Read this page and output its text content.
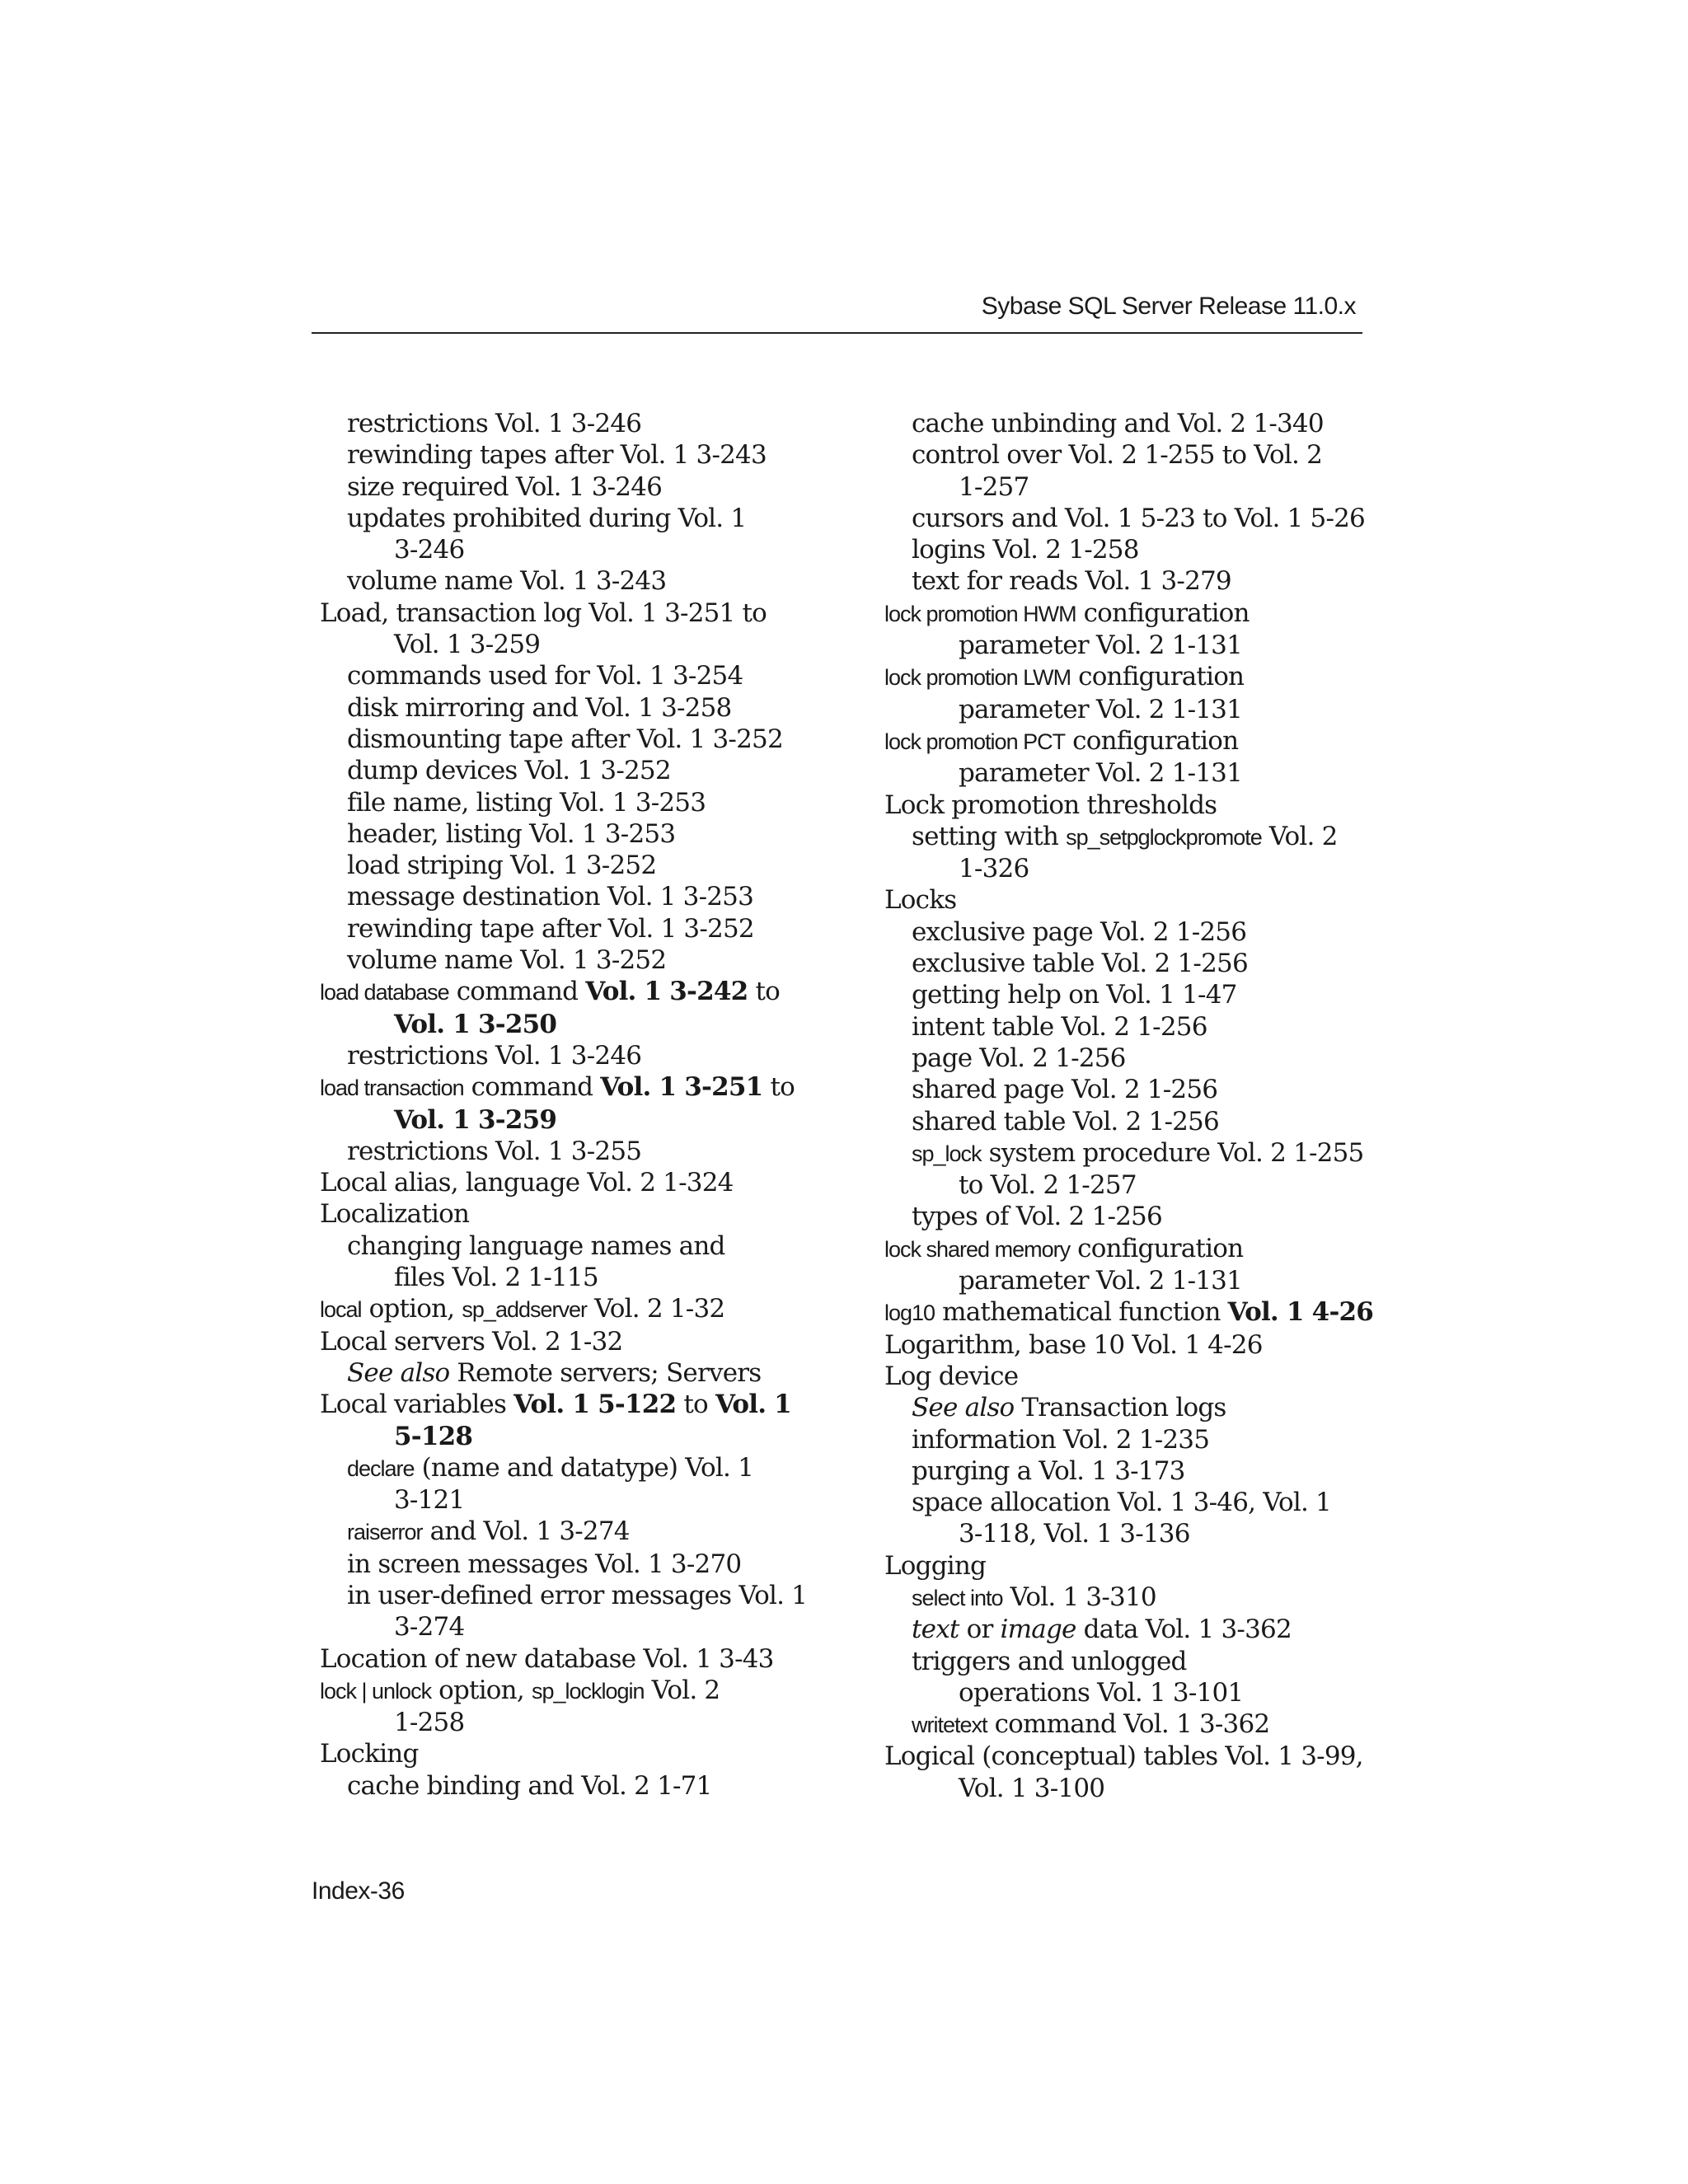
Sybase SQL Server Release 11.0.x
restrictions Vol. 1 3-246
rewinding tapes after Vol. 1 3-243
size required Vol. 1 3-246
updates prohibited during Vol. 1
3-246
volume name Vol. 1 3-243
Load, transaction log Vol. 1 3-251 to
Vol. 1 3-259
commands used for Vol. 1 3-254
disk mirroring and Vol. 1 3-258
dismounting tape after Vol. 1 3-252
dump devices Vol. 1 3-252
file name, listing Vol. 1 3-253
header, listing Vol. 1 3-253
load striping Vol. 1 3-252
message destination Vol. 1 3-253
rewinding tape after Vol. 1 3-252
volume name Vol. 1 3-252
load database command Vol. 1 3-242 to
Vol. 1 3-250
restrictions Vol. 1 3-246
load transaction command Vol. 1 3-251 to
Vol. 1 3-259
restrictions Vol. 1 3-255
Local alias, language Vol. 2 1-324
Localization
changing language names and
files Vol. 2 1-115
local option, sp_addserver Vol. 2 1-32
Local servers Vol. 2 1-32
See also Remote servers; Servers
Local variables Vol. 1 5-122 to Vol. 1
5-128
declare (name and datatype) Vol. 1
3-121
raiserror and Vol. 1 3-274
in screen messages Vol. 1 3-270
in user-defined error messages Vol. 1
3-274
Location of new database Vol. 1 3-43
lock | unlock option, sp_locklogin Vol. 2
1-258
Locking
cache binding and Vol. 2 1-71
cache unbinding and Vol. 2 1-340
control over Vol. 2 1-255 to Vol. 2
1-257
cursors and Vol. 1 5-23 to Vol. 1 5-26
logins Vol. 2 1-258
text for reads Vol. 1 3-279
lock promotion HWM configuration
parameter Vol. 2 1-131
lock promotion LWM configuration
parameter Vol. 2 1-131
lock promotion PCT configuration
parameter Vol. 2 1-131
Lock promotion thresholds
setting with sp_setpglockpromote Vol. 2
1-326
Locks
exclusive page Vol. 2 1-256
exclusive table Vol. 2 1-256
getting help on Vol. 1 1-47
intent table Vol. 2 1-256
page Vol. 2 1-256
shared page Vol. 2 1-256
shared table Vol. 2 1-256
sp_lock system procedure Vol. 2 1-255
to Vol. 2 1-257
types of Vol. 2 1-256
lock shared memory configuration
parameter Vol. 2 1-131
log10 mathematical function Vol. 1 4-26
Logarithm, base 10 Vol. 1 4-26
Log device
See also Transaction logs
information Vol. 2 1-235
purging a Vol. 1 3-173
space allocation Vol. 1 3-46, Vol. 1
3-118, Vol. 1 3-136
Logging
select into Vol. 1 3-310
text or image data Vol. 1 3-362
triggers and unlogged
operations Vol. 1 3-101
writetext command Vol. 1 3-362
Logical (conceptual) tables Vol. 1 3-99,
Vol. 1 3-100
Index-36
